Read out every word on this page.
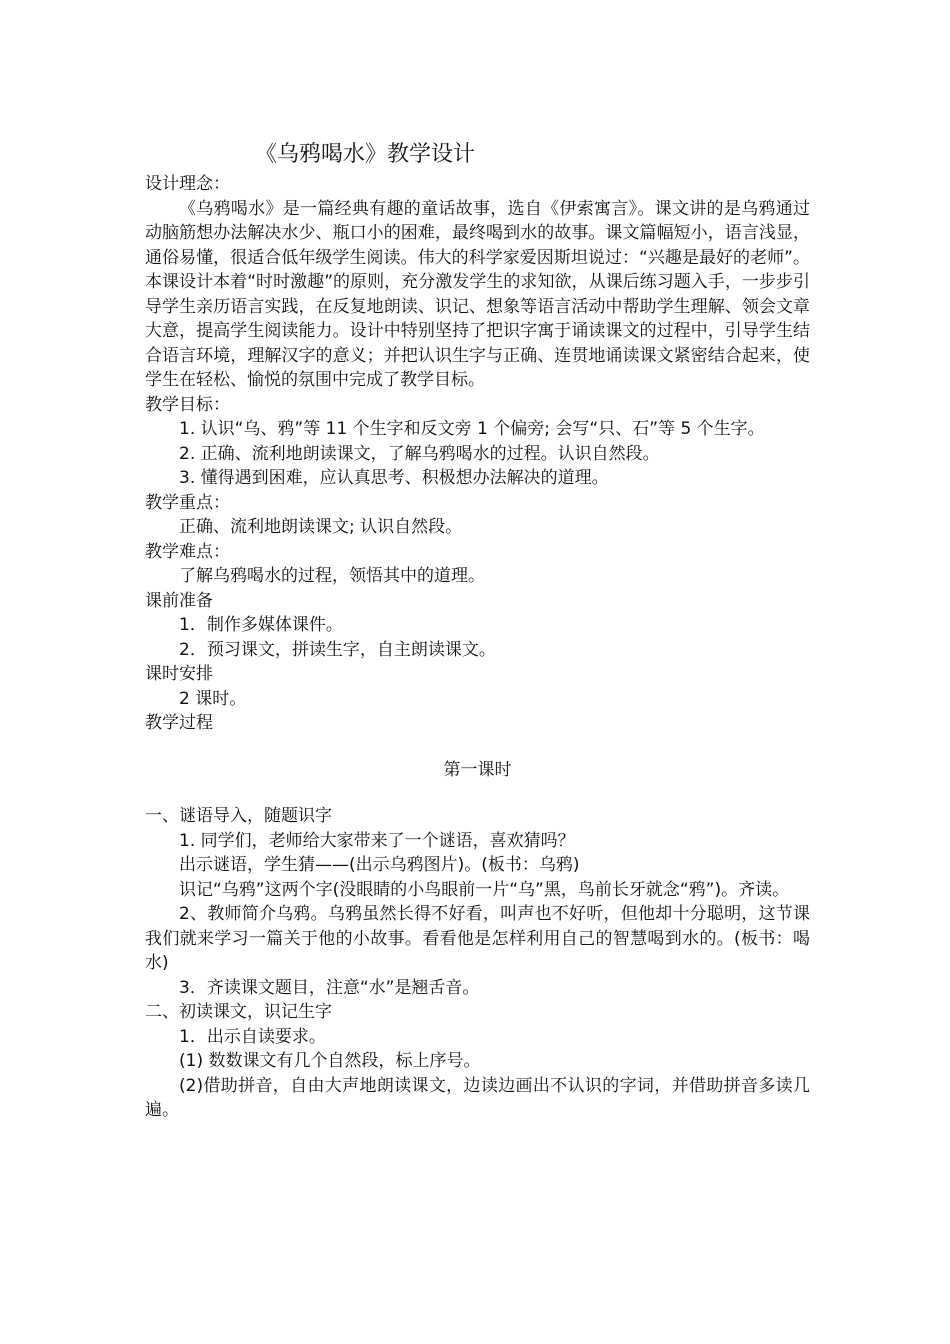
《乌鸦喝水》教学设计

设计理念：

《乌鸦喝水》是一篇经典有趣的童话故事，选自《伊索寓言》。课文讲的是乌鸦通过动脑筋想办法解决水少、瓶口小的困难，最终喝到水的故事。课文篇幅短小，语言浅显，通俗易懂，很适合低年级学生阅读。伟大的科学家爱因斯坦说过：“兴趣是最好的老师”。本课设计本着“时时激趣”的原则，充分激发学生的求知欲，从课后练习题入手，一步步引导学生亲历语言实践，在反复地朗读、识记、想象等语言活动中帮助学生理解、领会文章大意，提高学生阅读能力。设计中特别坚持了把识字寓于诵读课文的过程中，引导学生结合语言环境，理解汉字的意义；并把认识生字与正确、连贯地诵读课文紧密结合起来，使学生在轻松、愉悦的氛围中完成了教学目标。

教学目标：

1. 认识“乌、鸦”等 11 个生字和反文旁 1 个偏旁; 会写“只、石”等 5 个生字。

2. 正确、流利地朗读课文，了解乌鸦喝水的过程。认识自然段。

3. 懂得遇到困难，应认真思考、积极想办法解决的道理。

教学重点：

正确、流利地朗读课文; 认识自然段。

教学难点：

了解乌鸦喝水的过程，领悟其中的道理。

课前准备

1．制作多媒体课件。

2．预习课文，拼读生字，自主朗读课文。

课时安排

2 课时。

教学过程

第一课时

一、谜语导入，随题识字

1. 同学们，老师给大家带来了一个谜语，喜欢猜吗？

出示谜语，学生猜——(出示乌鸦图片)。(板书：乌鸦)

识记“乌鸦”这两个字(没眼睛的小鸟眼前一片“乌”黑，鸟前长牙就念“鸦”)。齐读。

2、教师简介乌鸦。乌鸦虽然长得不好看，叫声也不好听，但他却十分聪明，这节课我们就来学习一篇关于他的小故事。看看他是怎样利用自己的智慧喝到水的。(板书：喝水)

3．齐读课文题目，注意“水”是翘舌音。

二、初读课文，识记生字

1．出示自读要求。

(1) 数数课文有几个自然段，标上序号。

(2)借助拼音，自由大声地朗读课文，边读边画出不认识的字词，并借助拼音多读几遍。
